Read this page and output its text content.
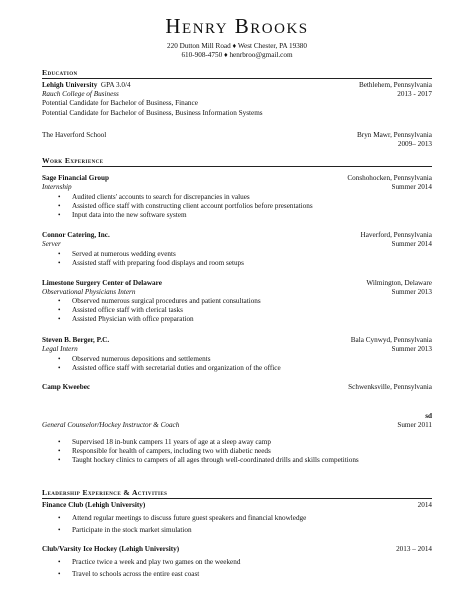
Henry Brooks
220 Dutton Mill Road ♦ West Chester, PA 19380
610-908-4750 ♦ henrbroo@gmail.com
Education
Lehigh University GPA 3.0/4	Bethlehem, Pennsylvania
Rauch College of Business	2013 - 2017
Potential Candidate for Bachelor of Business, Finance
Potential Candidate for Bachelor of Business, Business Information Systems
The Haverford School	Bryn Mawr, Pennsylvania
2009– 2013
Work Experience
Sage Financial Group	Conshohocken, Pennsylvania
Internship	Summer 2014
• Audited clients' accounts to search for discrepancies in values
• Assisted office staff with constructing client account portfolios before presentations
• Input data into the new software system
Connor Catering, Inc.	Haverford, Pennsylvania
Server	Summer 2014
• Served at numerous wedding events
• Assisted staff with preparing food displays and room setups
Limestone Surgery Center of Delaware	Wilmington, Delaware
Observational Physicians Intern	Summer 2013
• Observed numerous surgical procedures and patient consultations
• Assisted office staff with clerical tasks
• Assisted Physician with office preparation
Steven B. Berger, P.C.	Bala Cynwyd, Pennsylvania
Legal Intern	Summer 2013
• Observed numerous depositions and settlements
• Assisted office staff with secretarial duties and organization of the office
Camp Kweebec	Schwenksville, Pennsylvania
sd
General Counselor/Hockey Instructor & Coach	Sumer 2011
• Supervised 18 in-bunk campers 11 years of age at a sleep away camp
• Responsible for health of campers, including two with diabetic needs
• Taught hockey clinics to campers of all ages through well-coordinated drills and skills competitions
Leadership Experience & Activities
Finance Club (Lehigh University)	2014
• Attend regular meetings to discuss future guest speakers and financial knowledge
• Participate in the stock market simulation
Club/Varsity Ice Hockey (Lehigh University)	2013 – 2014
• Practice twice a week and play two games on the weekend
• Travel to schools across the entire east coast
